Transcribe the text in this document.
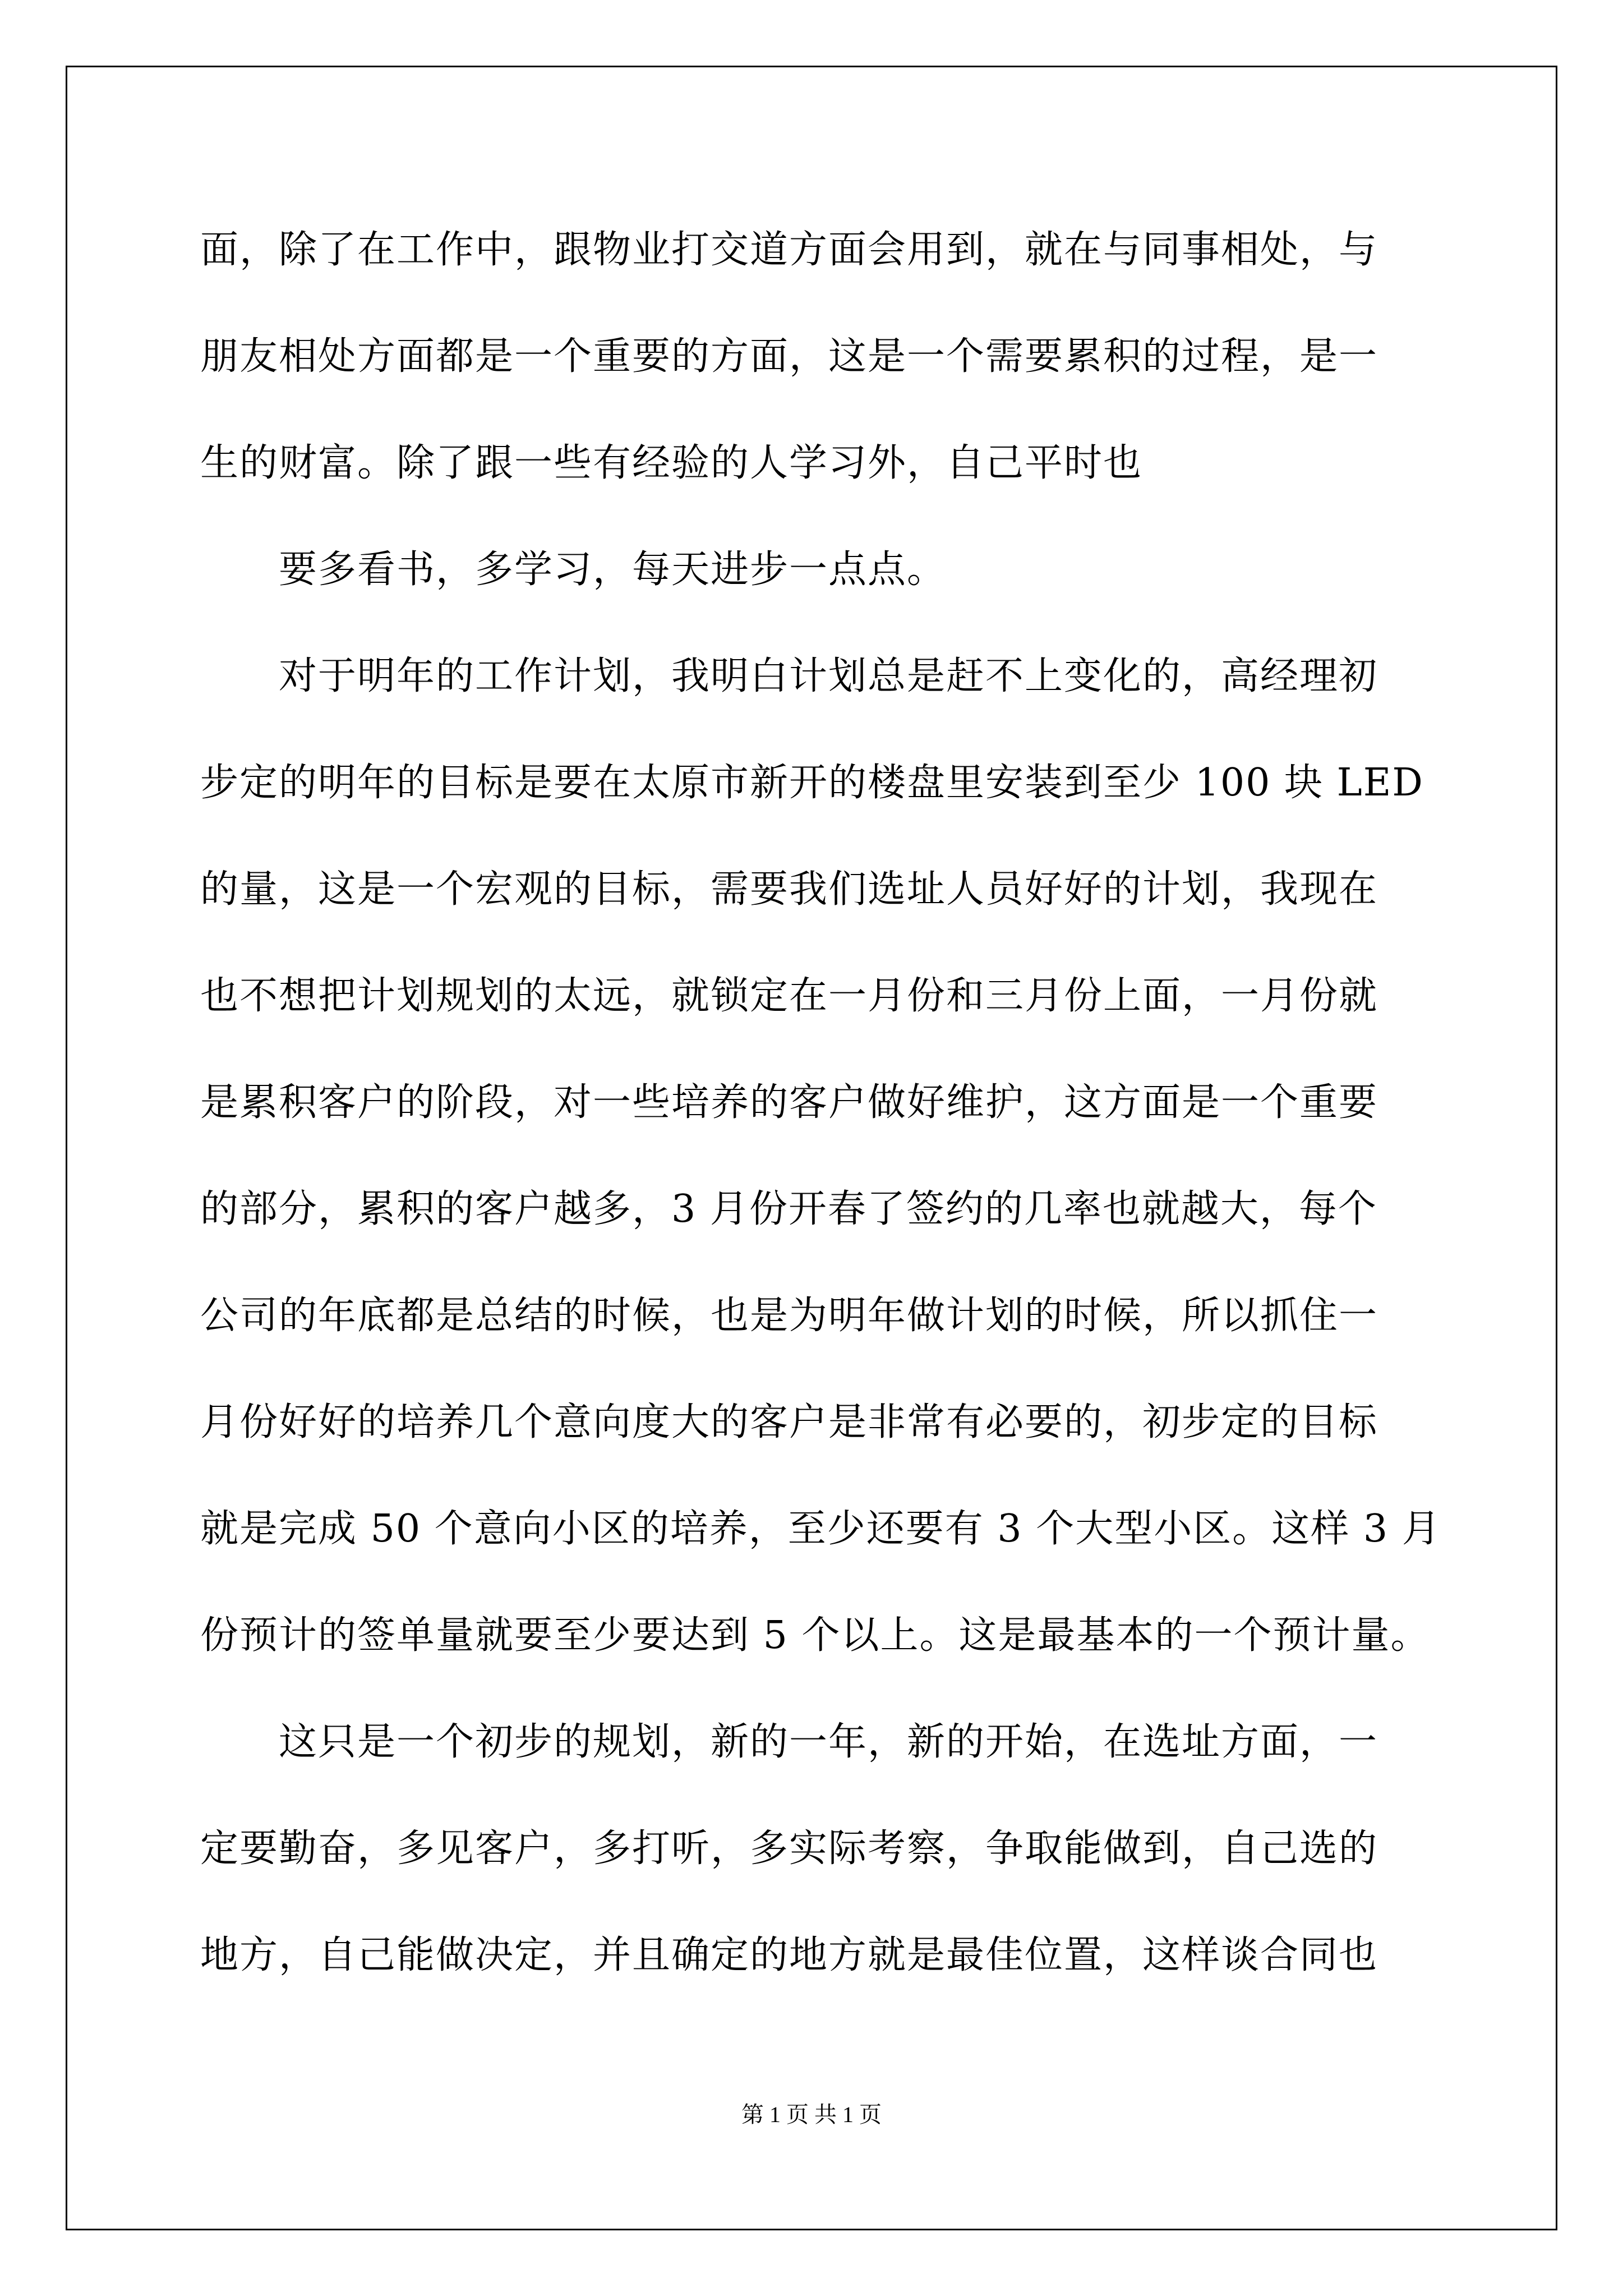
面，除了在工作中，跟物业打交道方面会用到，就在与同事相处，与
朋友相处方面都是一个重要的方面，这是一个需要累积的过程，是一
生的财富。除了跟一些有经验的人学习外，自己平时也
要多看书，多学习，每天进步一点点。
对于明年的工作计划，我明白计划总是赶不上变化的，高经理初
步定的明年的目标是要在太原市新开的楼盘里安装到至少 100 块 LED
的量，这是一个宏观的目标，需要我们选址人员好好的计划，我现在
也不想把计划规划的太远，就锁定在一月份和三月份上面，一月份就
是累积客户的阶段，对一些培养的客户做好维护，这方面是一个重要
的部分，累积的客户越多，3 月份开春了签约的几率也就越大，每个
公司的年底都是总结的时候，也是为明年做计划的时候，所以抓住一
月份好好的培养几个意向度大的客户是非常有必要的，初步定的目标
就是完成 50 个意向小区的培养，至少还要有 3 个大型小区。这样 3 月
份预计的签单量就要至少要达到 5 个以上。这是最基本的一个预计量。
这只是一个初步的规划，新的一年，新的开始，在选址方面，一
定要勤奋，多见客户，多打听，多实际考察，争取能做到，自己选的
地方，自己能做决定，并且确定的地方就是最佳位置，这样谈合同也
第 1 页 共 1 页
